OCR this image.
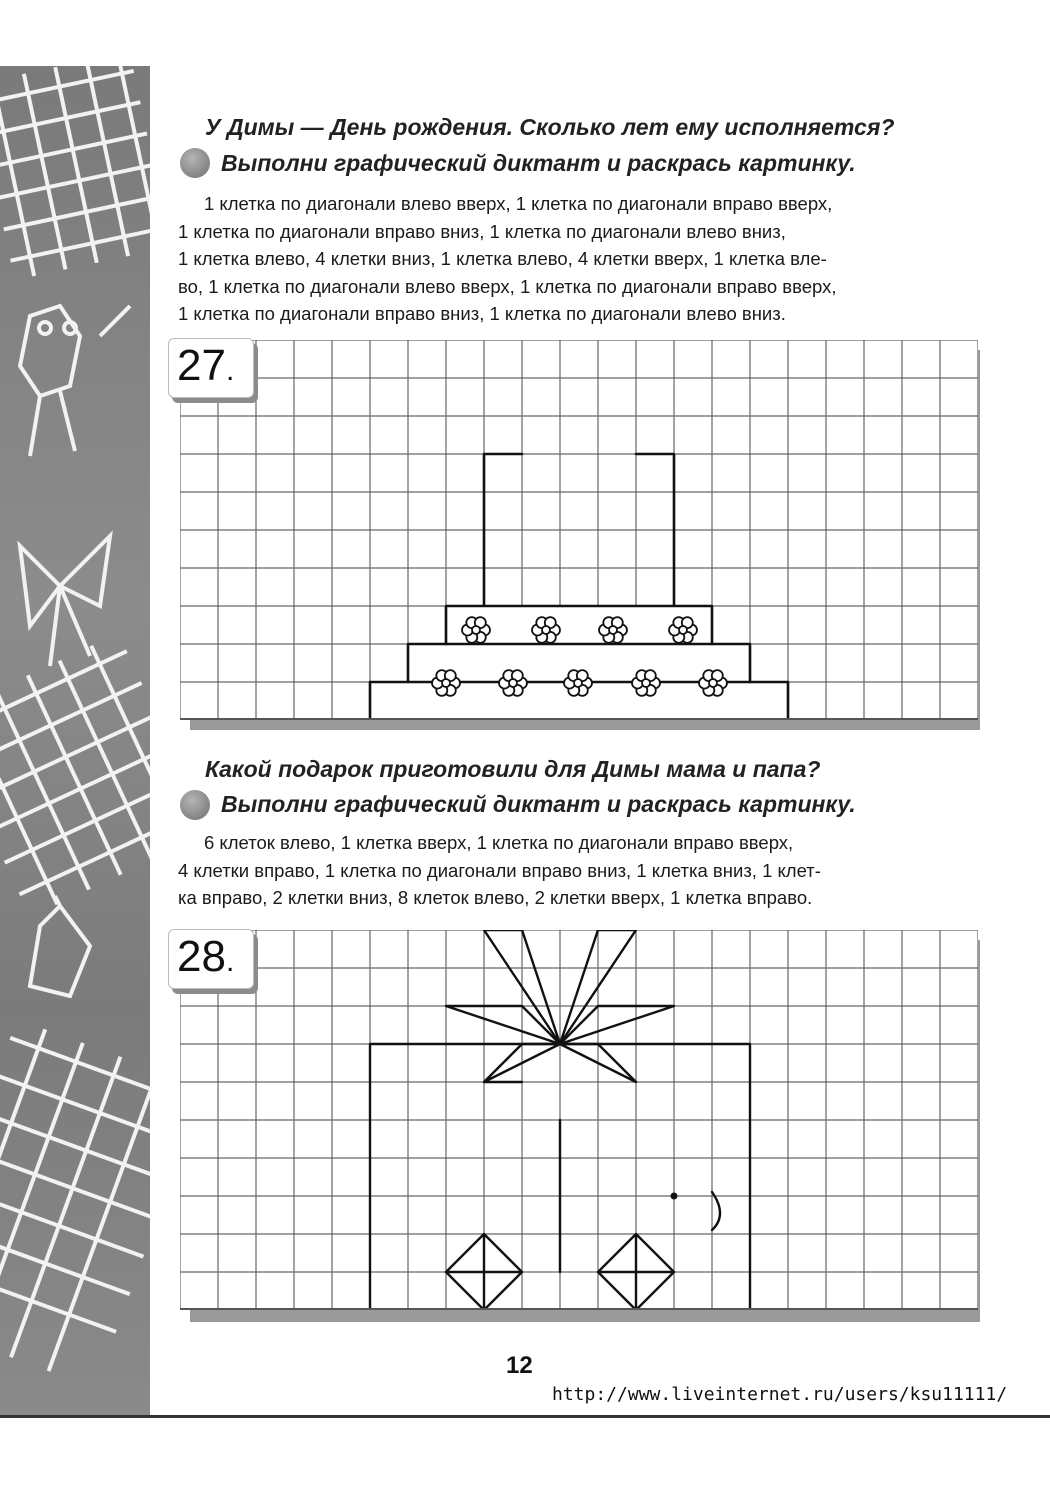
У Димы — День рождения. Сколько лет ему исполняется?
Выполни графический диктант и раскрась картинку.
1 клетка по диагонали влево вверх, 1 клетка по диагонали вправо вверх,
1 клетка по диагонали вправо вниз, 1 клетка по диагонали влево вниз,
1 клетка влево, 4 клетки вниз, 1 клетка влево, 4 клетки вверх, 1 клетка вле-
во, 1 клетка по диагонали влево вверх, 1 клетка по диагонали вправо вверх,
1 клетка по диагонали вправо вниз, 1 клетка по диагонали влево вниз.
27.
Какой подарок приготовили для Димы мама и папа?
Выполни графический диктант и раскрась картинку.
6 клеток влево, 1 клетка вверх, 1 клетка по диагонали вправо вверх,
4 клетки вправо, 1 клетка по диагонали вправо вниз, 1 клетка вниз, 1 клет-
ка вправо, 2 клетки вниз, 8 клеток влево, 2 клетки вверх, 1 клетка вправо.
28.
12
http://www.liveinternet.ru/users/ksu11111/
